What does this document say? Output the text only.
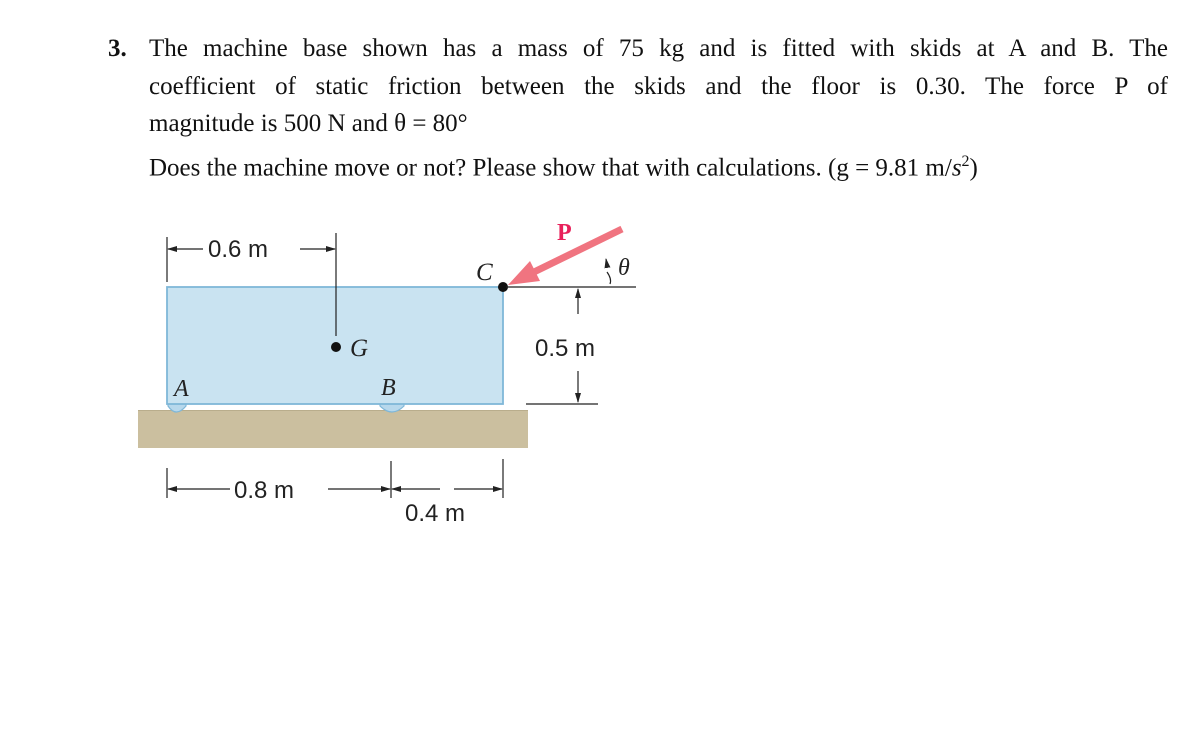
3. The machine base shown has a mass of 75 kg and is fitted with skids at A and B. The
coefficient of static friction between the skids and the floor is 0.30. The force P of
magnitude is 500 N and θ = 80°
Does the machine move or not? Please show that with calculations. (g = 9.81 $m/s^2$)
0.6 m
G
C
P
θ
0.5 m
A	B
0.8 m
0.4 m
